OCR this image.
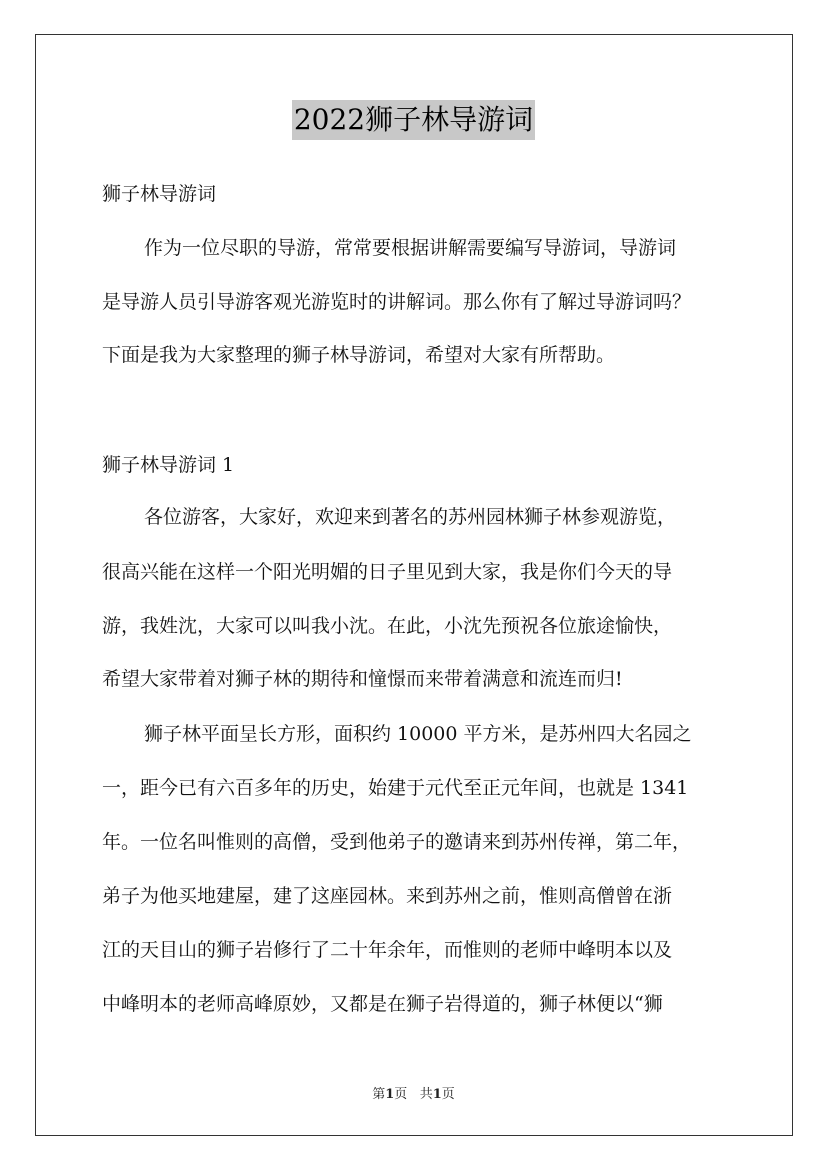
2022狮子林导游词
狮子林导游词
作为一位尽职的导游，常常要根据讲解需要编写导游词，导游词
是导游人员引导游客观光游览时的讲解词。那么你有了解过导游词吗？
下面是我为大家整理的狮子林导游词，希望对大家有所帮助。
狮子林导游词 1
各位游客，大家好，欢迎来到著名的苏州园林狮子林参观游览，
很高兴能在这样一个阳光明媚的日子里见到大家，我是你们今天的导
游，我姓沈，大家可以叫我小沈。在此，小沈先预祝各位旅途愉快，
希望大家带着对狮子林的期待和憧憬而来带着满意和流连而归!
狮子林平面呈长方形，面积约 10000 平方米，是苏州四大名园之
一，距今已有六百多年的历史，始建于元代至正元年间，也就是 1341
年。一位名叫惟则的高僧，受到他弟子的邀请来到苏州传禅，第二年，
弟子为他买地建屋，建了这座园林。来到苏州之前，惟则高僧曾在浙
江的天目山的狮子岩修行了二十年余年，而惟则的老师中峰明本以及
中峰明本的老师高峰原妙，又都是在狮子岩得道的，狮子林便以“狮
第1页 共1页
